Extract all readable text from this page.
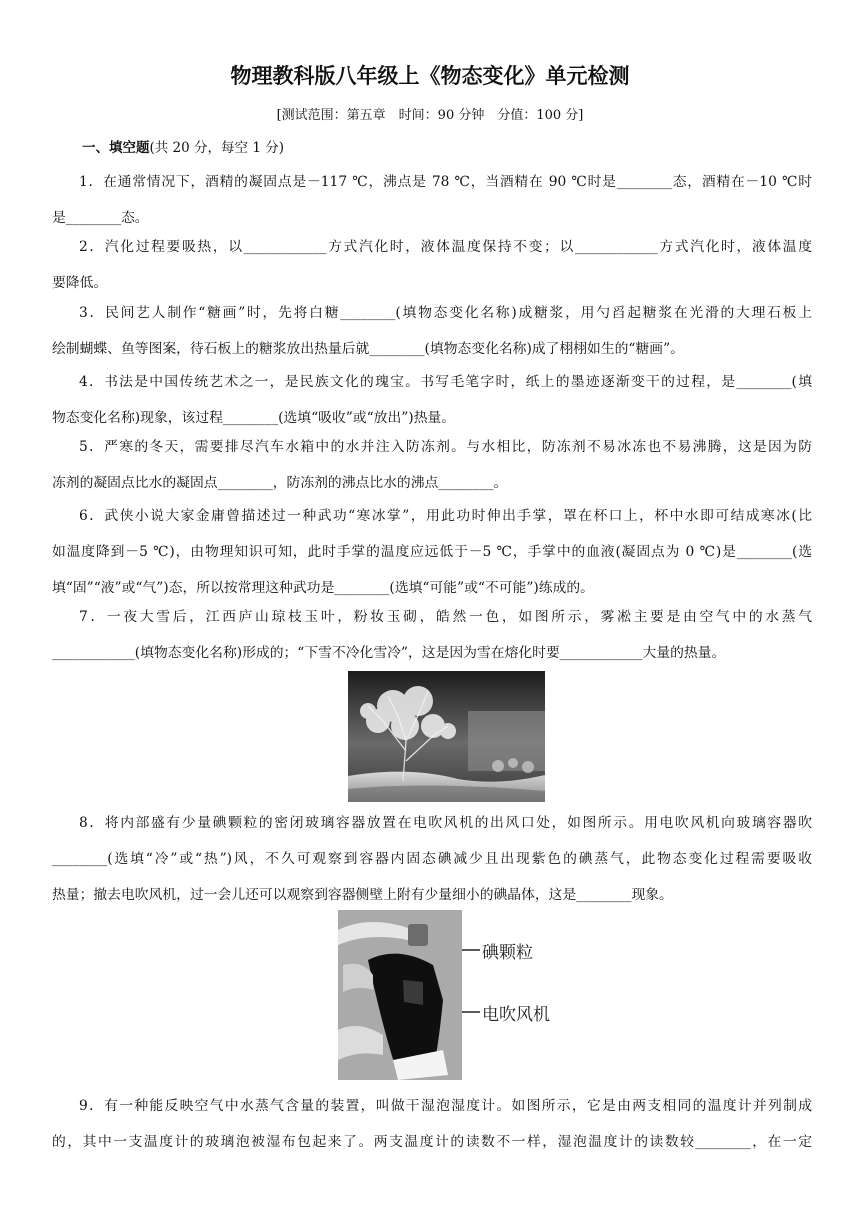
物理教科版八年级上《物态变化》单元检测
[测试范围：第五章　时间：90 分钟　分值：100 分]
一、填空题(共 20 分，每空 1 分)
1．在通常情况下，酒精的凝固点是－117 ℃，沸点是 78 ℃，当酒精在 90 ℃时是________态，酒精在－10 ℃时
是________态。
2．汽化过程要吸热，以____________方式汽化时，液体温度保持不变；以____________方式汽化时，液体温度
要降低。
3．民间艺人制作“糖画”时，先将白糖________(填物态变化名称)成糖浆，用勺舀起糖浆在光滑的大理石板上
绘制蝴蝶、鱼等图案，待石板上的糖浆放出热量后就________(填物态变化名称)成了栩栩如生的“糖画”。
4．书法是中国传统艺术之一，是民族文化的瑰宝。书写毛笔字时，纸上的墨迹逐渐变干的过程，是________(填
物态变化名称)现象，该过程________(选填“吸收”或“放出”)热量。
5．严寒的冬天，需要排尽汽车水箱中的水并注入防冻剂。与水相比，防冻剂不易冰冻也不易沸腾，这是因为防
冻剂的凝固点比水的凝固点________，防冻剂的沸点比水的沸点________。
6．武侠小说大家金庸曾描述过一种武功“寒冰掌”，用此功时伸出手掌，罩在杯口上，杯中水即可结成寒冰(比
如温度降到－5 ℃)，由物理知识可知，此时手掌的温度应远低于－5 ℃，手掌中的血液(凝固点为 0 ℃)是________(选
填“固”“液”或“气”)态，所以按常理这种武功是________(选填“可能”或“不可能”)练成的。
7．一夜大雪后，江西庐山琼枝玉叶，粉妆玉砌，皓然一色，如图所示，雾凇主要是由空气中的水蒸气
____________(填物态变化名称)形成的；“下雪不冷化雪冷”，这是因为雪在熔化时要____________大量的热量。
8．将内部盛有少量碘颗粒的密闭玻璃容器放置在电吹风机的出风口处，如图所示。用电吹风机向玻璃容器吹
________(选填“冷”或“热”)风，不久可观察到容器内固态碘减少且出现紫色的碘蒸气，此物态变化过程需要吸收
热量；撤去电吹风机，过一会儿还可以观察到容器侧壁上附有少量细小的碘晶体，这是________现象。
碘颗粒
电吹风机
9．有一种能反映空气中水蒸气含量的装置，叫做干湿泡湿度计。如图所示，它是由两支相同的温度计并列制成
的，其中一支温度计的玻璃泡被湿布包起来了。两支温度计的读数不一样，湿泡温度计的读数较________，在一定
